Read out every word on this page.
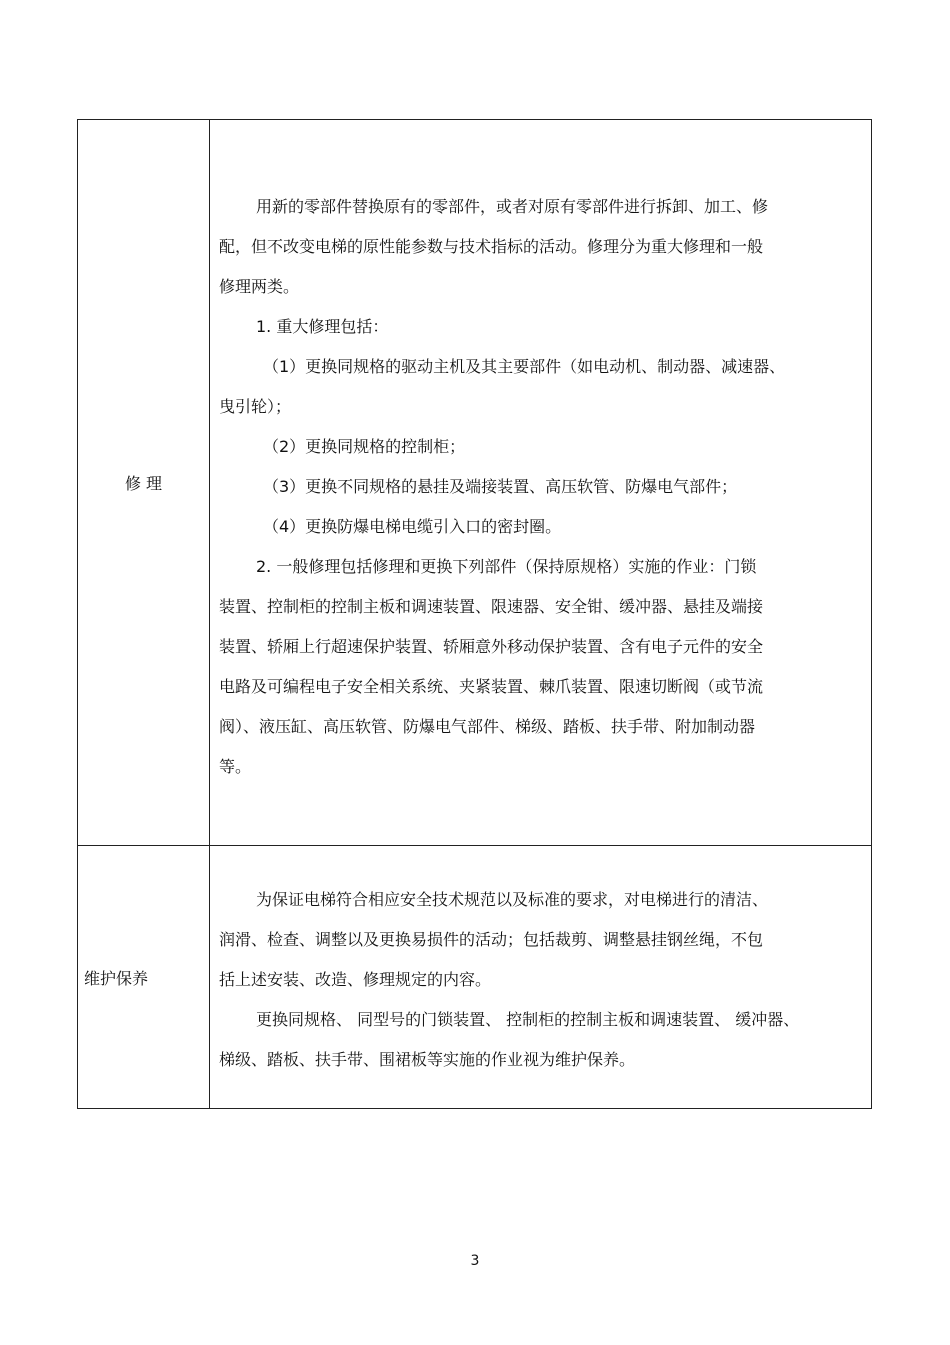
修 理

用新的零部件替换原有的零部件，或者对原有零部件进行拆卸、加工、修

配，但不改变电梯的原性能参数与技术指标的活动。修理分为重大修理和一般

修理两类。

1. 重大修理包括：

（1）更换同规格的驱动主机及其主要部件（如电动机、制动器、减速器、

曳引轮）；

（2）更换同规格的控制柜；

（3）更换不同规格的悬挂及端接装置、高压软管、防爆电气部件；

（4）更换防爆电梯电缆引入口的密封圈。

2. 一般修理包括修理和更换下列部件（保持原规格）实施的作业：门锁

装置、控制柜的控制主板和调速装置、限速器、安全钳、缓冲器、悬挂及端接

装置、轿厢上行超速保护装置、轿厢意外移动保护装置、含有电子元件的安全

电路及可编程电子安全相关系统、夹紧装置、棘爪装置、限速切断阀（或节流

阀）、液压缸、高压软管、防爆电气部件、梯级、踏板、扶手带、附加制动器

等。

维护保养

为保证电梯符合相应安全技术规范以及标准的要求，对电梯进行的清洁、

润滑、检查、调整以及更换易损件的活动；包括裁剪、调整悬挂钢丝绳，不包

括上述安装、改造、修理规定的内容。

更换同规格、 同型号的门锁装置、 控制柜的控制主板和调速装置、 缓冲器、

梯级、踏板、扶手带、围裙板等实施的作业视为维护保养。

3
